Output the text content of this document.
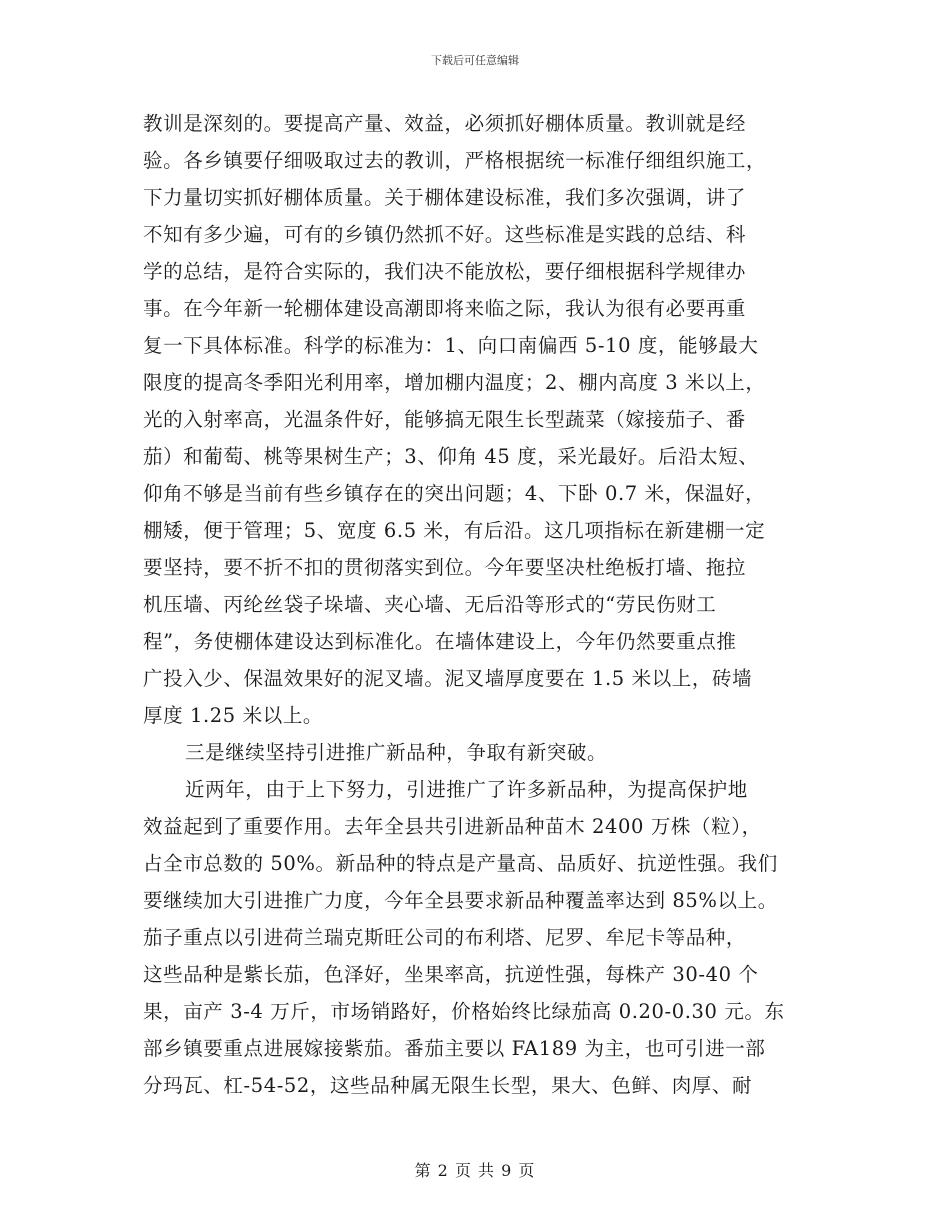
下载后可任意编辑
教训是深刻的。要提高产量、效益，必须抓好棚体质量。教训就是经
验。各乡镇要仔细吸取过去的教训，严格根据统一标准仔细组织施工，
下力量切实抓好棚体质量。关于棚体建设标准，我们多次强调，讲了
不知有多少遍，可有的乡镇仍然抓不好。这些标准是实践的总结、科
学的总结，是符合实际的，我们决不能放松，要仔细根据科学规律办
事。在今年新一轮棚体建设高潮即将来临之际，我认为很有必要再重
复一下具体标准。科学的标准为：1、向口南偏西 5-10 度，能够最大
限度的提高冬季阳光利用率，增加棚内温度；2、棚内高度 3 米以上，
光的入射率高，光温条件好，能够搞无限生长型蔬菜（嫁接茄子、番
茄）和葡萄、桃等果树生产；3、仰角 45 度，采光最好。后沿太短、
仰角不够是当前有些乡镇存在的突出问题；4、下卧 0.7 米，保温好，
棚矮，便于管理；5、宽度 6.5 米，有后沿。这几项指标在新建棚一定
要坚持，要不折不扣的贯彻落实到位。今年要坚决杜绝板打墙、拖拉
机压墙、丙纶丝袋子垛墙、夹心墙、无后沿等形式的“劳民伤财工
程”，务使棚体建设达到标准化。在墙体建设上，今年仍然要重点推
广投入少、保温效果好的泥叉墙。泥叉墙厚度要在 1.5 米以上，砖墙
厚度 1.25 米以上。
三是继续坚持引进推广新品种，争取有新突破。
近两年，由于上下努力，引进推广了许多新品种，为提高保护地
效益起到了重要作用。去年全县共引进新品种苗木 2400 万株（粒），
占全市总数的 50%。新品种的特点是产量高、品质好、抗逆性强。我们
要继续加大引进推广力度，今年全县要求新品种覆盖率达到 85%以上。
茄子重点以引进荷兰瑞克斯旺公司的布利塔、尼罗、牟尼卡等品种，
这些品种是紫长茄，色泽好，坐果率高，抗逆性强，每株产 30-40 个
果，亩产 3-4 万斤，市场销路好，价格始终比绿茄高 0.20-0.30 元。东
部乡镇要重点进展嫁接紫茄。番茄主要以 FA189 为主，也可引进一部
分玛瓦、杠-54-52，这些品种属无限生长型，果大、色鲜、肉厚、耐
第 2 页 共 9 页
